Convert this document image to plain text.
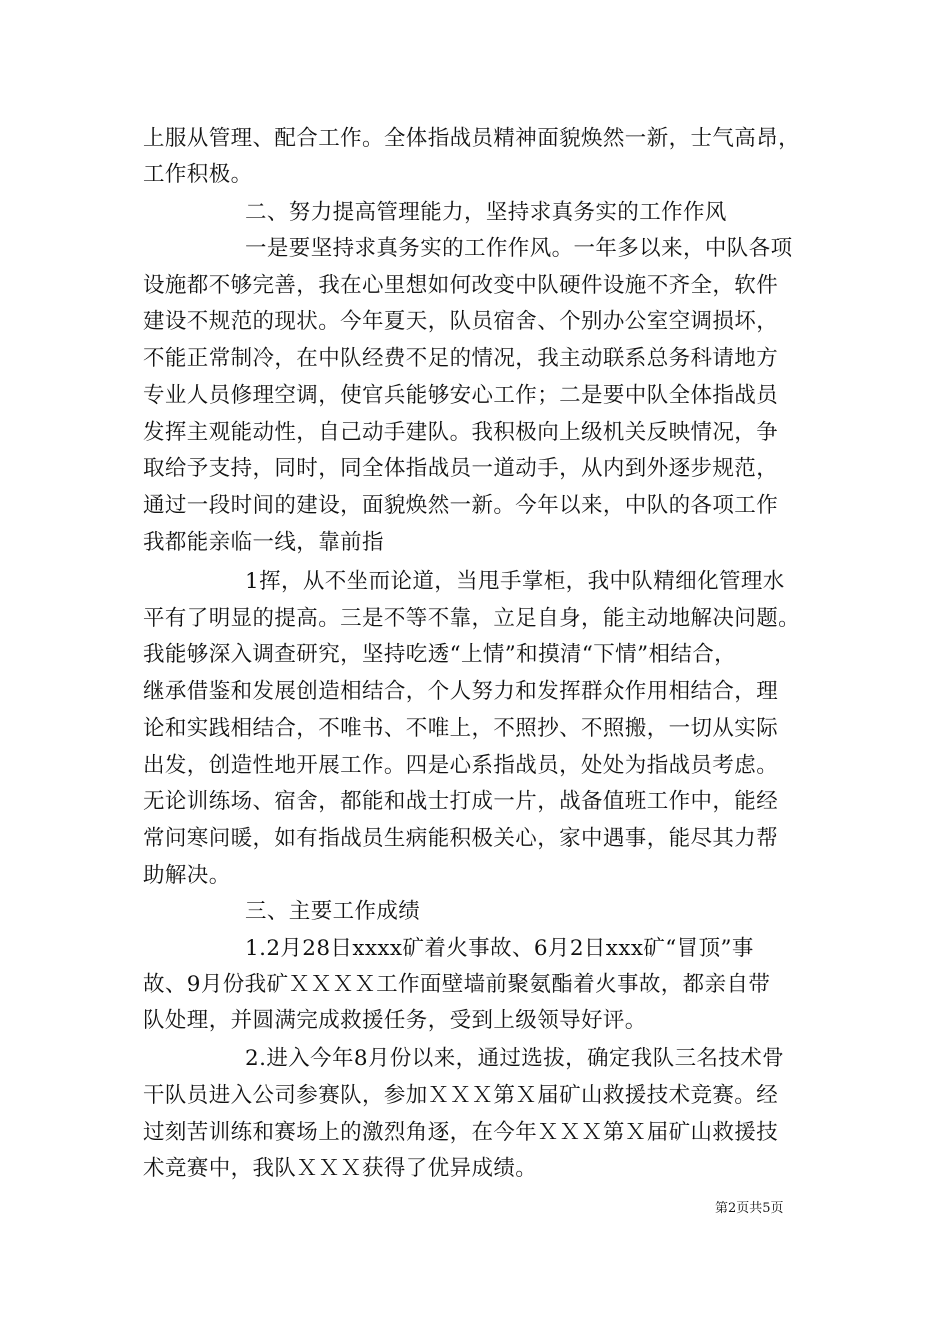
上服从管理、配合工作。全体指战员精神面貌焕然一新，士气高昂，
工作积极。
二、努力提高管理能力，坚持求真务实的工作作风
一是要坚持求真务实的工作作风。一年多以来，中队各项
设施都不够完善，我在心里想如何改变中队硬件设施不齐全，软件
建设不规范的现状。今年夏天，队员宿舍、个别办公室空调损坏，
不能正常制冷，在中队经费不足的情况，我主动联系总务科请地方
专业人员修理空调，使官兵能够安心工作；二是要中队全体指战员
发挥主观能动性，自己动手建队。我积极向上级机关反映情况，争
取给予支持，同时，同全体指战员一道动手，从内到外逐步规范，
通过一段时间的建设，面貌焕然一新。今年以来，中队的各项工作
我都能亲临一线，靠前指
1挥，从不坐而论道，当甩手掌柜，我中队精细化管理水
平有了明显的提高。三是不等不靠，立足自身，能主动地解决问题。
我能够深入调查研究，坚持吃透“上情”和摸清“下情”相结合，
继承借鉴和发展创造相结合，个人努力和发挥群众作用相结合，理
论和实践相结合，不唯书、不唯上，不照抄、不照搬，一切从实际
出发，创造性地开展工作。四是心系指战员，处处为指战员考虑。
无论训练场、宿舍，都能和战士打成一片，战备值班工作中，能经
常问寒问暖，如有指战员生病能积极关心，家中遇事，能尽其力帮
助解决。
三、主要工作成绩
1.2月28日xxxx矿着火事故、6月2日xxx矿“冒顶”事
故、9月份我矿ＸＸＸＸ工作面壁墙前聚氨酯着火事故，都亲自带
队处理，并圆满完成救援任务，受到上级领导好评。
2.进入今年8月份以来，通过选拔，确定我队三名技术骨
干队员进入公司参赛队，参加ＸＸＸ第Ｘ届矿山救援技术竞赛。经
过刻苦训练和赛场上的激烈角逐，在今年ＸＸＸ第Ｘ届矿山救援技
术竞赛中，我队ＸＸＸ获得了优异成绩。
第2页共5页
